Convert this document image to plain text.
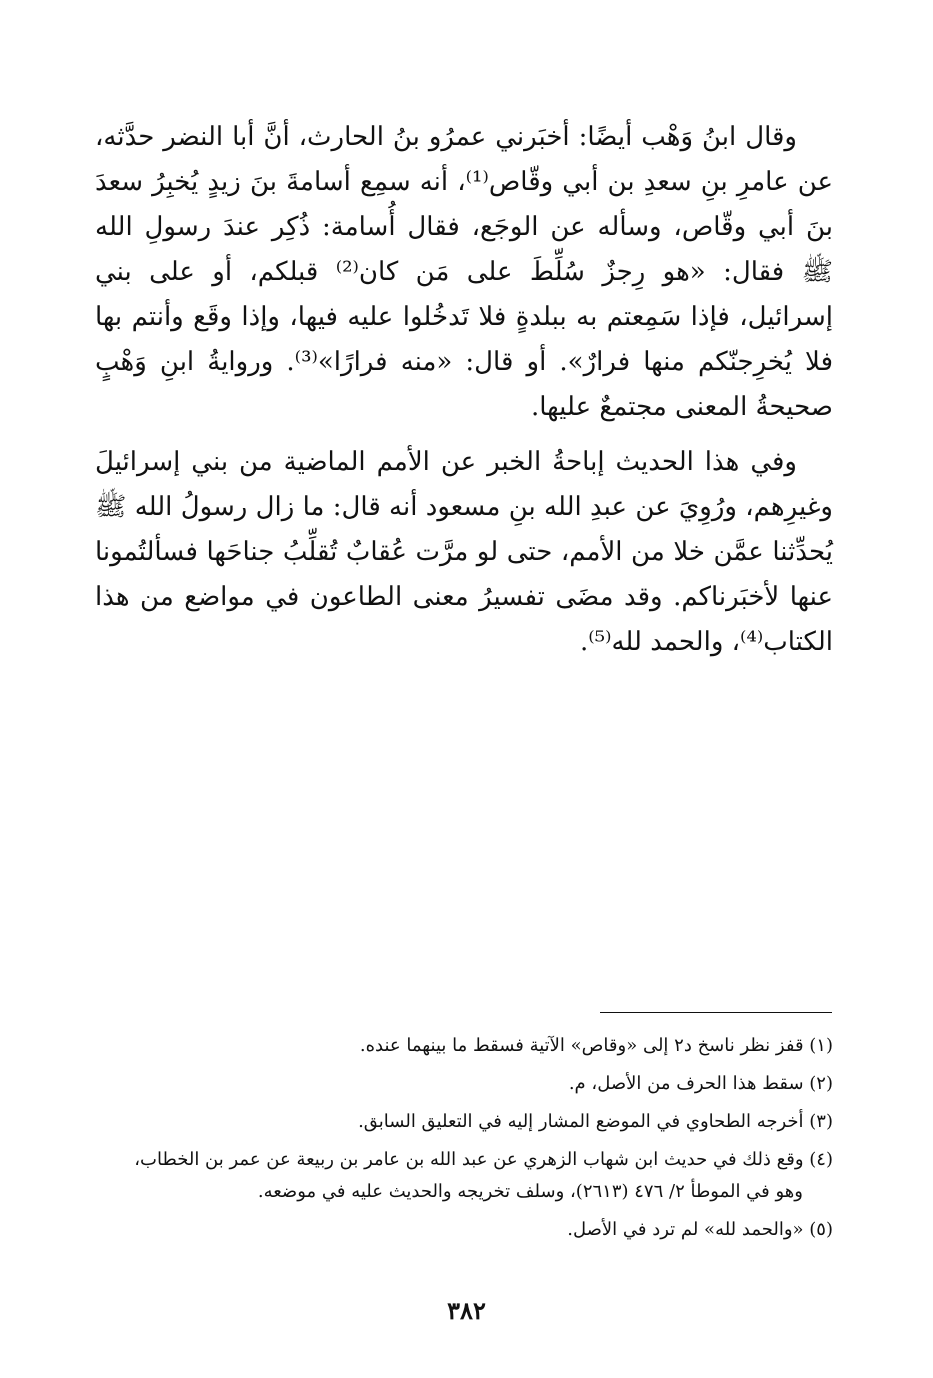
وقال ابنُ وَهْب أيضًا: أخبَرني عمرُو بنُ الحارث، أنَّ أبا النضر حدَّثه، عن عامرِ بنِ سعدِ بن أبي وقّاص⁽¹⁾، أنه سمِع أسامةَ بنَ زيدٍ يُخبِرُ سعدَ بنَ أبي وقّاص، وسأله عن الوجَع، فقال أُسامة: ذُكِر عندَ رسولِ الله ﷺ فقال: «هو رِجزٌ سُلِّطَ على مَن كان⁽²⁾ قبلكم، أو على بني إسرائيل، فإذا سَمِعتم به ببلدةٍ فلا تَدخُلوا عليه فيها، وإذا وقَع وأنتم بها فلا يُخرِجنّكم منها فرارٌ». أو قال: «منه فرارًا»⁽³⁾. وروايةُ ابنِ وَهْبٍ صحيحةُ المعنى مجتمعٌ عليها.

وفي هذا الحديث إباحةُ الخبر عن الأمم الماضية من بني إسرائيلَ وغيرِهم، ورُوِيَ عن عبدِ الله بنِ مسعود أنه قال: ما زال رسولُ الله ﷺ يُحدِّثنا عمَّن خلا من الأمم، حتى لو مرَّت عُقابٌ تُقلِّبُ جناحَها فسألتُمونا عنها لأخبَرناكم. وقد مضَى تفسيرُ معنى الطاعون في مواضع من هذا الكتاب⁽⁴⁾، والحمد لله⁽⁵⁾.

(١) قفز نظر ناسخ د٢ إلى «وقاص» الآتية فسقط ما بينهما عنده.
(٢) سقط هذا الحرف من الأصل، م.
(٣) أخرجه الطحاوي في الموضع المشار إليه في التعليق السابق.
(٤) وقع ذلك في حديث ابن شهاب الزهري عن عبد الله بن عامر بن ربيعة عن عمر بن الخطاب،
وهو في الموطأ ٢/ ٤٧٦ (٢٦١٣)، وسلف تخريجه والحديث عليه في موضعه.
(٥) «والحمد لله» لم ترد في الأصل.
٣٨٢
